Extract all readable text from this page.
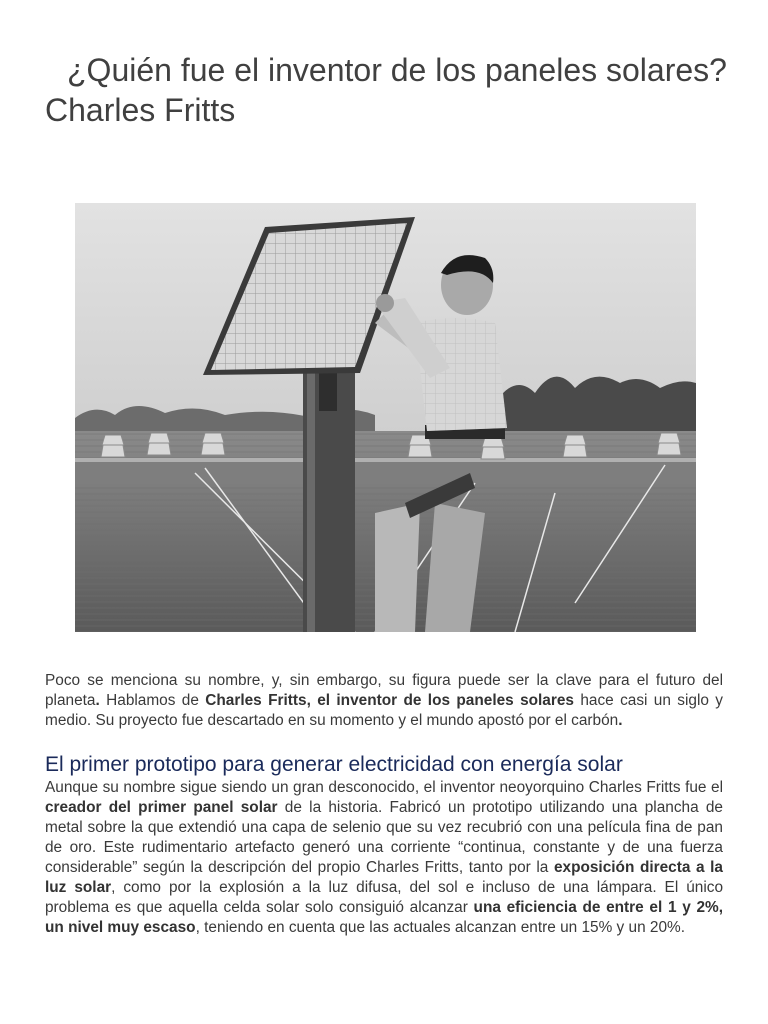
¿Quién fue el inventor de los paneles solares?
Charles Fritts

Poco se menciona su nombre, y, sin embargo, su figura puede ser la clave para el futuro del planeta. Hablamos de Charles Fritts, el inventor de los paneles solares hace casi un siglo y medio. Su proyecto fue descartado en su momento y el mundo apostó por el carbón.

El primer prototipo para generar electricidad con energía solar

Aunque su nombre sigue siendo un gran desconocido, el inventor neoyorquino Charles Fritts fue el creador del primer panel solar de la historia. Fabricó un prototipo utilizando una plancha de metal sobre la que extendió una capa de selenio que su vez recubrió con una película fina de pan de oro. Este rudimentario artefacto generó una corriente “continua, constante y de una fuerza considerable” según la descripción del propio Charles Fritts, tanto por la exposición directa a la luz solar, como por la explosión a la luz difusa, del sol e incluso de una lámpara. El único problema es que aquella celda solar solo consiguió alcanzar una eficiencia de entre el 1 y 2%, un nivel muy escaso, teniendo en cuenta que las actuales alcanzan entre un 15% y un 20%.
